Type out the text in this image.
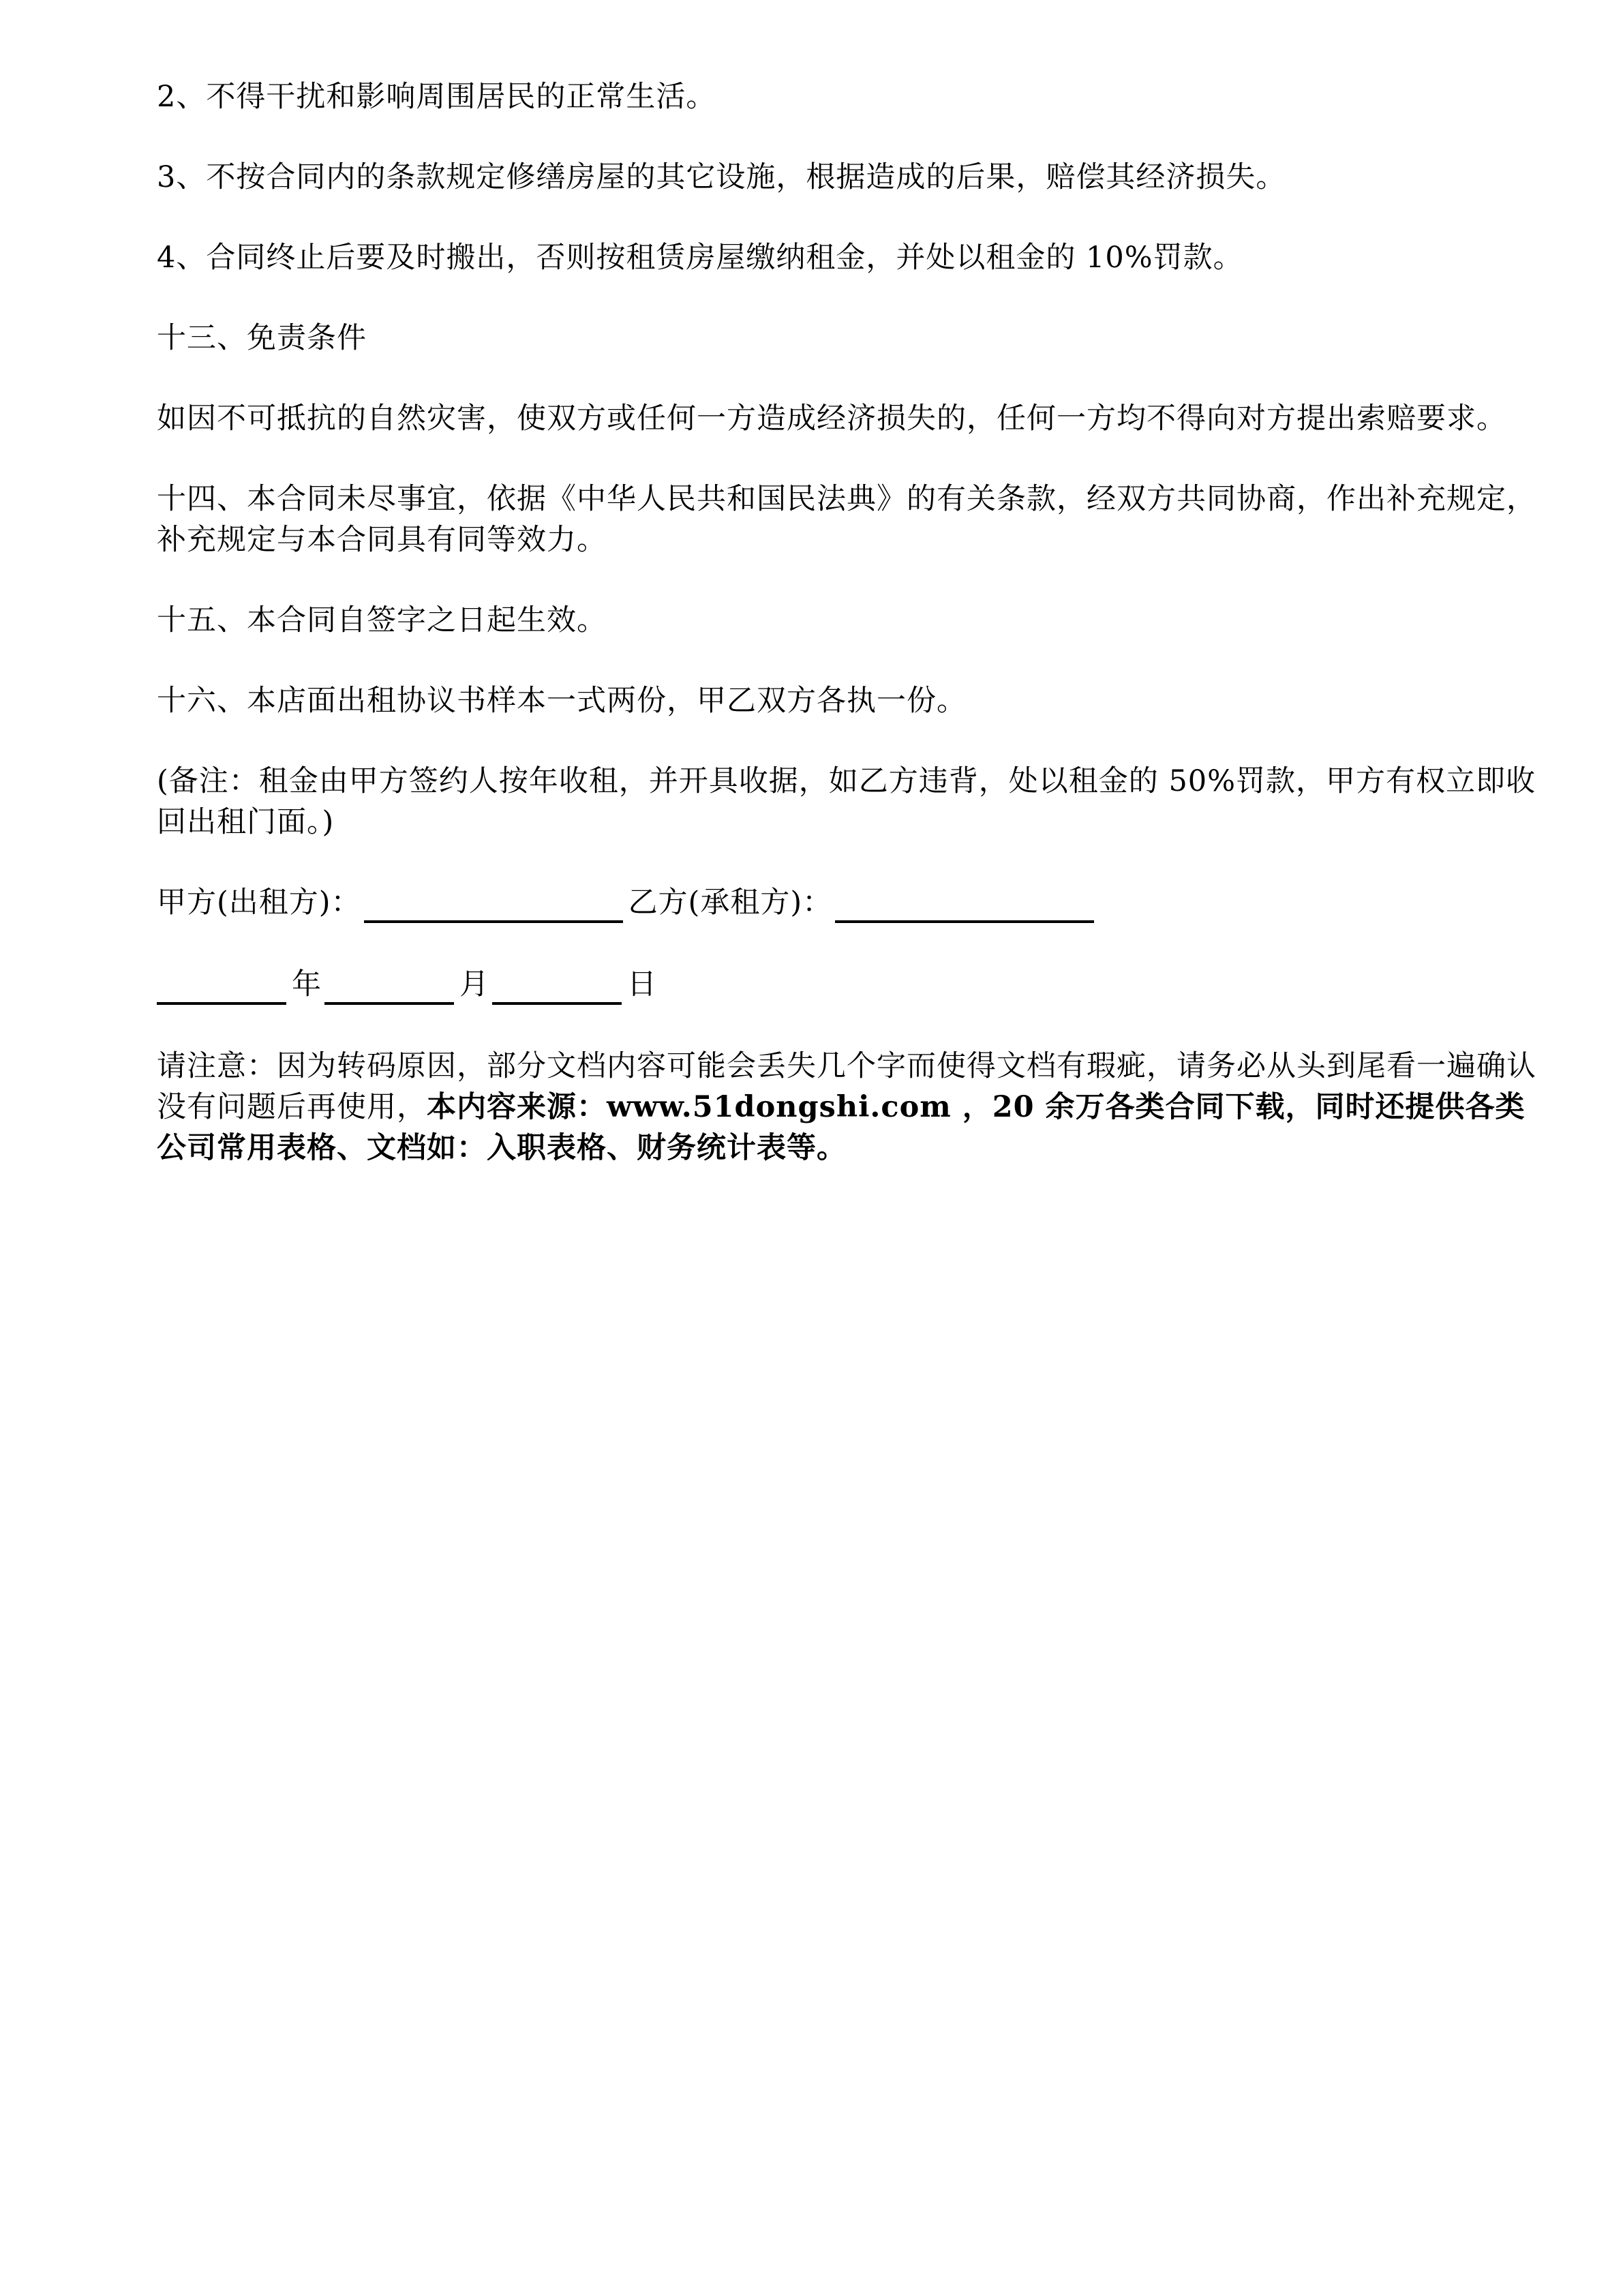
2、不得干扰和影响周围居民的正常生活。

3、不按合同内的条款规定修缮房屋的其它设施，根据造成的后果，赔偿其经济损失。

4、合同终止后要及时搬出，否则按租赁房屋缴纳租金，并处以租金的 10%罚款。

十三、免责条件

如因不可抵抗的自然灾害，使双方或任何一方造成经济损失的，任何一方均不得向对方提出索赔要求。

十四、本合同未尽事宜，依据《中华人民共和国民法典》的有关条款，经双方共同协商，作出补充规定，补充规定与本合同具有同等效力。

十五、本合同自签字之日起生效。

十六、本店面出租协议书样本一式两份，甲乙双方各执一份。

(备注：租金由甲方签约人按年收租，并开具收据，如乙方违背，处以租金的 50%罚款，甲方有权立即收回出租门面。)

甲方(出租方)：	乙方(承租方)：
年	月	日

请注意：因为转码原因，部分文档内容可能会丢失几个字而使得文档有瑕疵，请务必从头到尾看一遍确认没有问题后再使用，本内容来源：www.51dongshi.com ，20 余万各类合同下载，同时还提供各类公司常用表格、文档如：入职表格、财务统计表等。
